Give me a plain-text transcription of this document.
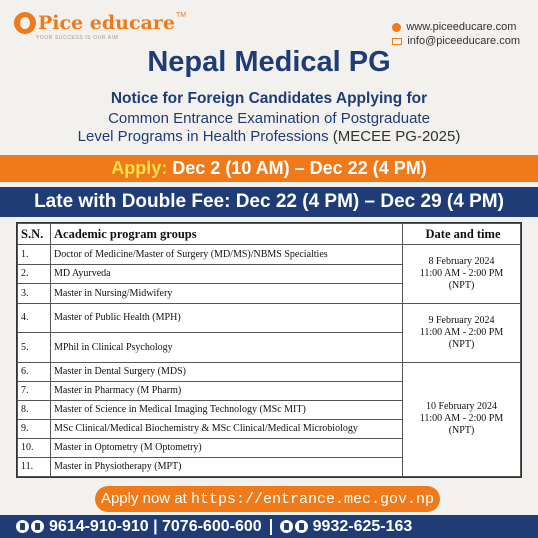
Pice educare TM
YOUR SUCCESS IS OUR AIM
www.piceeducare.com
info@piceeducare.com
Nepal Medical PG
Notice for Foreign Candidates Applying for
Common Entrance Examination of Postgraduate
Level Programs in Health Professions (MECEE PG-2025)
Apply: Dec 2 (10 AM) – Dec 22 (4 PM)
Late with Double Fee: Dec 22 (4 PM) – Dec 29 (4 PM)
S.N.	Academic program groups	Date and time
1.	Doctor of Medicine/Master of Surgery (MD/MS)/NBMS Specialties	8 February 2024
11:00 AM - 2:00 PM
(NPT)

2.	MD Ayurveda	
3.	Master in Nursing/Midwifery	
4.	Master of Public Health (MPH)	9 February 2024
11:00 AM - 2:00 PM
(NPT)

5.	MPhil in Clinical Psychology	
6.	Master in Dental Surgery (MDS)	10 February 2024
11:00 AM - 2:00 PM
(NPT)

7.	Master in Pharmacy (M Pharm)	
8.	Master of Science in Medical Imaging Technology (MSc MIT)	
9.	MSc Clinical/Medical Biochemistry & MSc Clinical/Medical Microbiology	
10.	Master in Optometry (M Optometry)	
11.	Master in Physiotherapy (MPT)	
Apply now at https://entrance.mec.gov.np
9614-910-910 | 7076-600-600	9932-625-163
